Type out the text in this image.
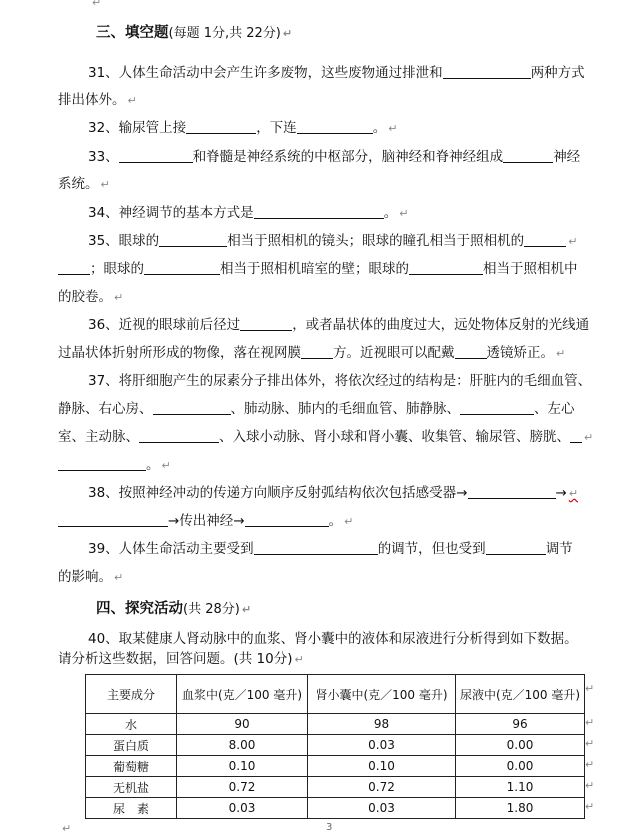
↵
三、填空题(每题 1分,共 22分) ↵
31、人体生命活动中会产生许多废物，这些废物通过排泄和	两种方式
排出体外。 ↵
32、输尿管上接	，下连	。 ↵
33、	和脊髓是神经系统的中枢部分，脑神经和脊神经组成	神经
系统。 ↵
34、神经调节的基本方式是	。 ↵
35、眼球的	相当于照相机的镜头；眼球的瞳孔相当于照相机的	↵
；眼球的	相当于照相机暗室的壁；眼球的	相当于照相机中
的胶卷。 ↵
36、近视的眼球前后径过	，或者晶状体的曲度过大，远处物体反射的光线通
过晶状体折射所形成的物像，落在视网膜 方。近视眼可以配戴 透镜矫正。 ↵
37、将肝细胞产生的尿素分子排出体外，将依次经过的结构是：肝脏内的毛细血管、
静脉、右心房、	、肺动脉、肺内的毛细血管、肺静脉、	、左心
室、主动脉、	、入球小动脉、肾小球和肾小囊、收集管、输尿管、膀胱、 ↵
。 ↵
38、按照神经冲动的传递方向顺序反射弧结构依次包括感受器→	→ ↵
→传出神经→	。 ↵
39、人体生命活动主要受到	的调节，但也受到	调节
的影响。 ↵
四、探究活动(共 28分) ↵
40、取某健康人肾动脉中的血浆、肾小囊中的液体和尿液进行分析得到如下数据。
请分析这些数据，回答问题。(共 10分) ↵
主要成分	血浆中(克／100 毫升)	肾小囊中(克／100 毫升)	尿液中(克／100 毫升)
水	90	98	96
蛋白质	8.00	0.03	0.00
葡萄糖	0.10	0.10	0.00
无机盐	0.72	0.72	1.10
尿　素	0.03	0.03	1.80
↵
↵
↵
↵
↵
↵
↵	3
